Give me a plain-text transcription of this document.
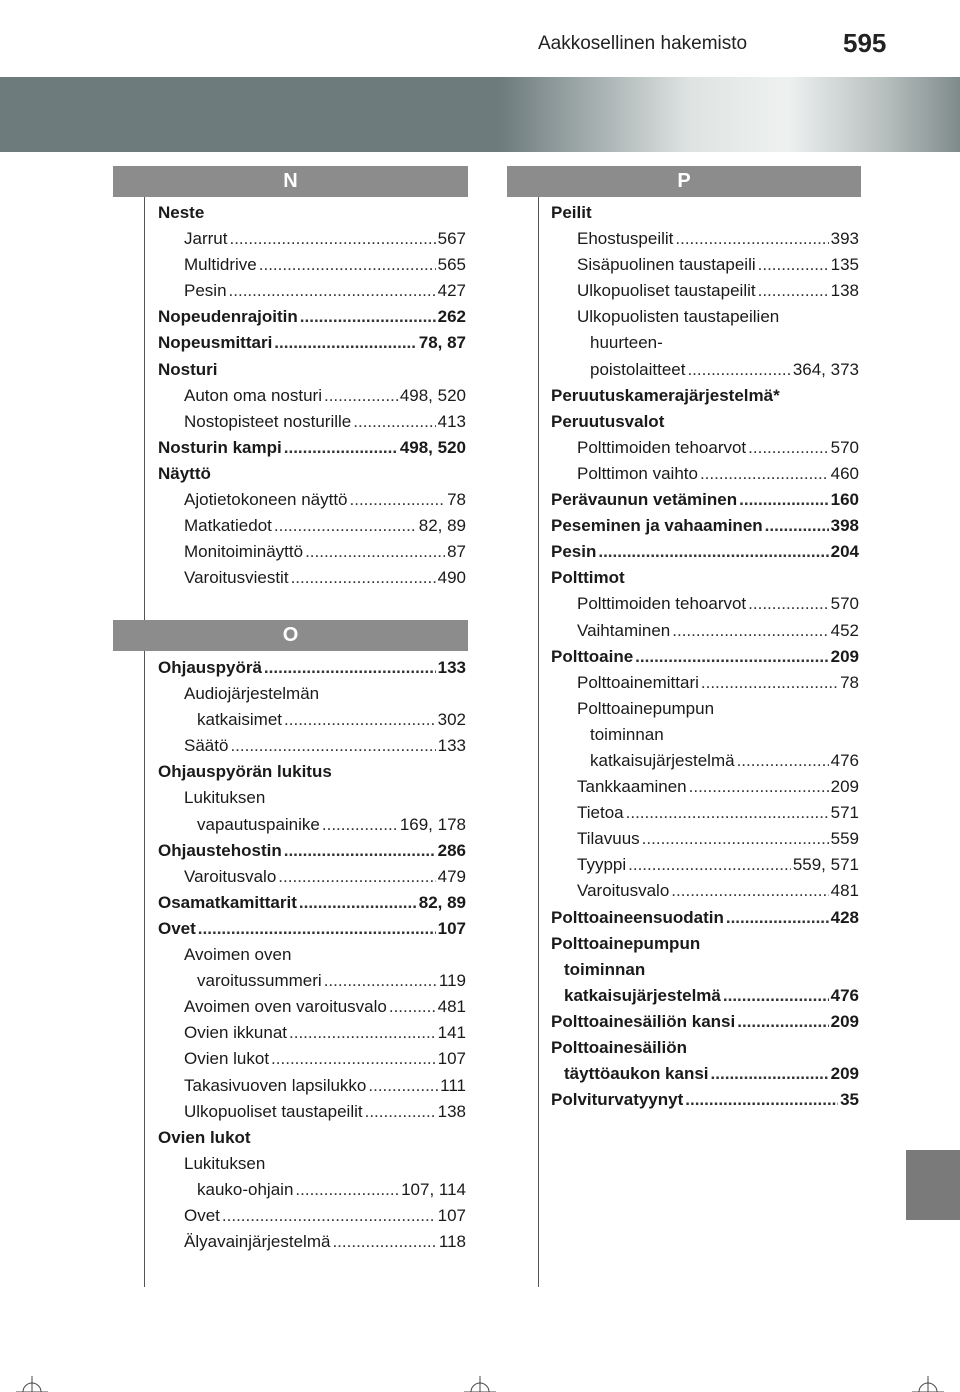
Aakkosellinen hakemisto	595
N	P
O
Neste
Jarrut .....	567
Multidrive .....	565
Pesin .....	427
Nopeudenrajoitin .....	262
Nopeusmittari .....	78, 87
Nosturi
Auton oma nosturi .....	498, 520
Nostopisteet nosturille .....	413
Nosturin kampi .....	498, 520
Näyttö
Ajotietokoneen näyttö .....	78
Matkatiedot .....	82, 89
Monitoiminäyttö .....	87
Varoitusviestit .....	490
Ohjauspyörä .....	133
Audiojärjestelmän
katkaisimet .....	302
Säätö .....	133
Ohjauspyörän lukitus
Lukituksen
vapautuspainike .....	169, 178
Ohjaustehostin .....	286
Varoitusvalo .....	479
Osamatkamittarit .....	82, 89
Ovet .....	107
Avoimen oven
varoitussummeri .....	119
Avoimen oven varoitusvalo .....	481
Ovien ikkunat .....	141
Ovien lukot .....	107
Takasivuoven lapsilukko .....	111
Ulkopuoliset taustapeilit .....	138
Ovien lukot
Lukituksen
kauko-ohjain .....	107, 114
Ovet .....	107
Älyavainjärjestelmä .....	118
Peilit
Ehostuspeilit .....	393
Sisäpuolinen taustapeili .....	135
Ulkopuoliset taustapeilit .....	138
Ulkopuolisten taustapeilien
huurteen-
poistolaitteet .....	364, 373
Peruutuskamerajärjestelmä*
Peruutusvalot
Polttimoiden tehoarvot .....	570
Polttimon vaihto .....	460
Perävaunun vetäminen .....	160
Peseminen ja vahaaminen .....	398
Pesin .....	204
Polttimot
Polttimoiden tehoarvot .....	570
Vaihtaminen .....	452
Polttoaine .....	209
Polttoainemittari .....	78
Polttoainepumpun
toiminnan
katkaisujärjestelmä .....	476
Tankkaaminen .....	209
Tietoa .....	571
Tilavuus .....	559
Tyyppi .....	559, 571
Varoitusvalo .....	481
Polttoaineensuodatin .....	428
Polttoainepumpun
toiminnan
katkaisujärjestelmä .....	476
Polttoainesäiliön kansi .....	209
Polttoainesäiliön
täyttöaukon kansi .....	209
Polviturvatyynyt .....	35
